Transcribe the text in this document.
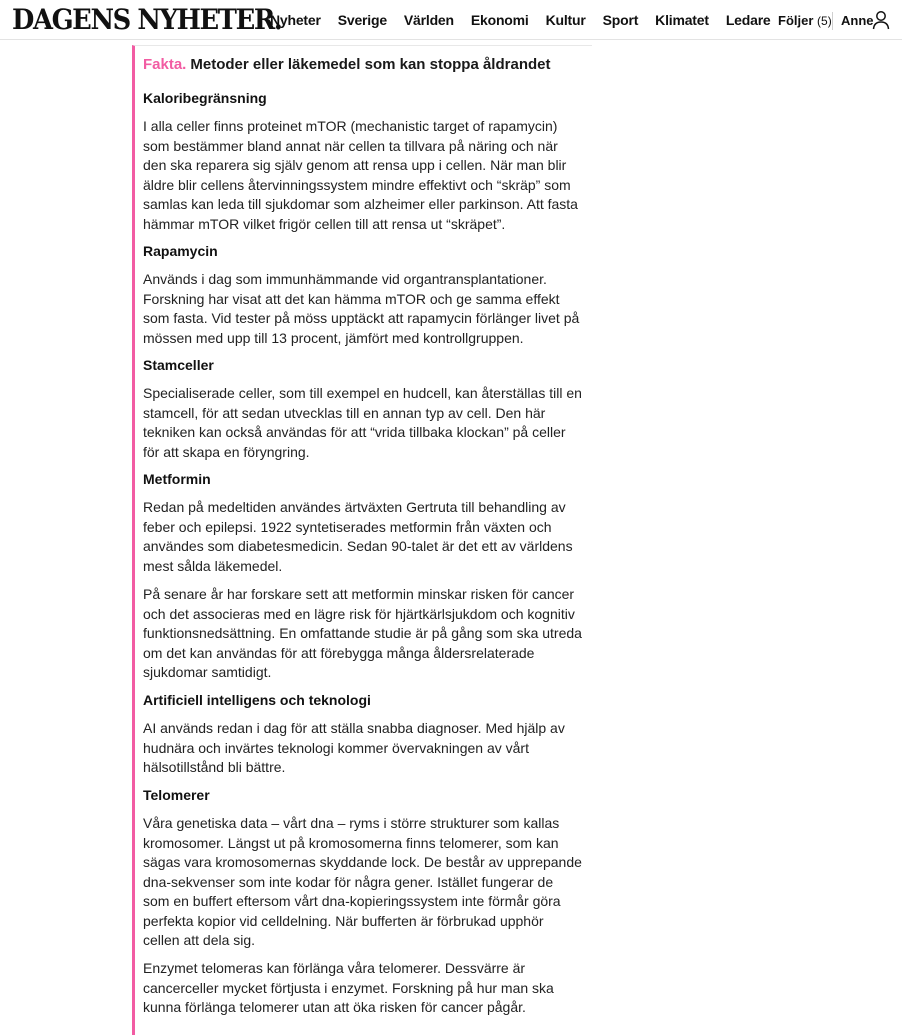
DAGENS NYHETER.
Nyheter Sverige Världen Ekonomi Kultur Sport Klimatet Ledare Följer (5) Anne
Fakta. Metoder eller läkemedel som kan stoppa åldrandet
Kaloribegränsning
I alla celler finns proteinet mTOR (mechanistic target of rapamycin) som bestämmer bland annat när cellen ta tillvara på näring och när den ska reparera sig själv genom att rensa upp i cellen. När man blir äldre blir cellens återvinningssystem mindre effektivt och “skräp” som samlas kan leda till sjukdomar som alzheimer eller parkinson. Att fasta hämmar mTOR vilket frigör cellen till att rensa ut “skräpet”.
Rapamycin
Används i dag som immunhämmande vid organtransplantationer. Forskning har visat att det kan hämma mTOR och ge samma effekt som fasta. Vid tester på möss upptäckt att rapamycin förlänger livet på mössen med upp till 13 procent, jämfört med kontrollgruppen.
Stamceller
Specialiserade celler, som till exempel en hudcell, kan återställas till en stamcell, för att sedan utvecklas till en annan typ av cell. Den här tekniken kan också användas för att “vrida tillbaka klockan” på celler för att skapa en föryngring.
Metformin
Redan på medeltiden användes ärtväxten Gertruta till behandling av feber och epilepsi. 1922 syntetiserades metformin från växten och användes som diabetesmedicin. Sedan 90-talet är det ett av världens mest sålda läkemedel.
På senare år har forskare sett att metformin minskar risken för cancer och det associeras med en lägre risk för hjärtkärlsjukdom och kognitiv funktionsnedsättning. En omfattande studie är på gång som ska utreda om det kan användas för att förebygga många åldersrelaterade sjukdomar samtidigt.
Artificiell intelligens och teknologi
AI används redan i dag för att ställa snabba diagnoser. Med hjälp av hudnära och invärtes teknologi kommer övervakningen av vårt hälsotillstånd bli bättre.
Telomerer
Våra genetiska data – vårt dna – ryms i större strukturer som kallas kromosomer. Längst ut på kromosomerna finns telomerer, som kan sägas vara kromosomernas skyddande lock. De består av upprepande dna-sekvenser som inte kodar för några gener. Istället fungerar de som en buffert eftersom vårt dna-kopieringssystem inte förmår göra perfekta kopior vid celldelning. När bufferten är förbrukad upphör cellen att dela sig.
Enzymet telomeras kan förlänga våra telomerer. Dessvärre är cancerceller mycket förtjusta i enzymet. Forskning på hur man ska kunna förlänga telomerer utan att öka risken för cancer pågår.
